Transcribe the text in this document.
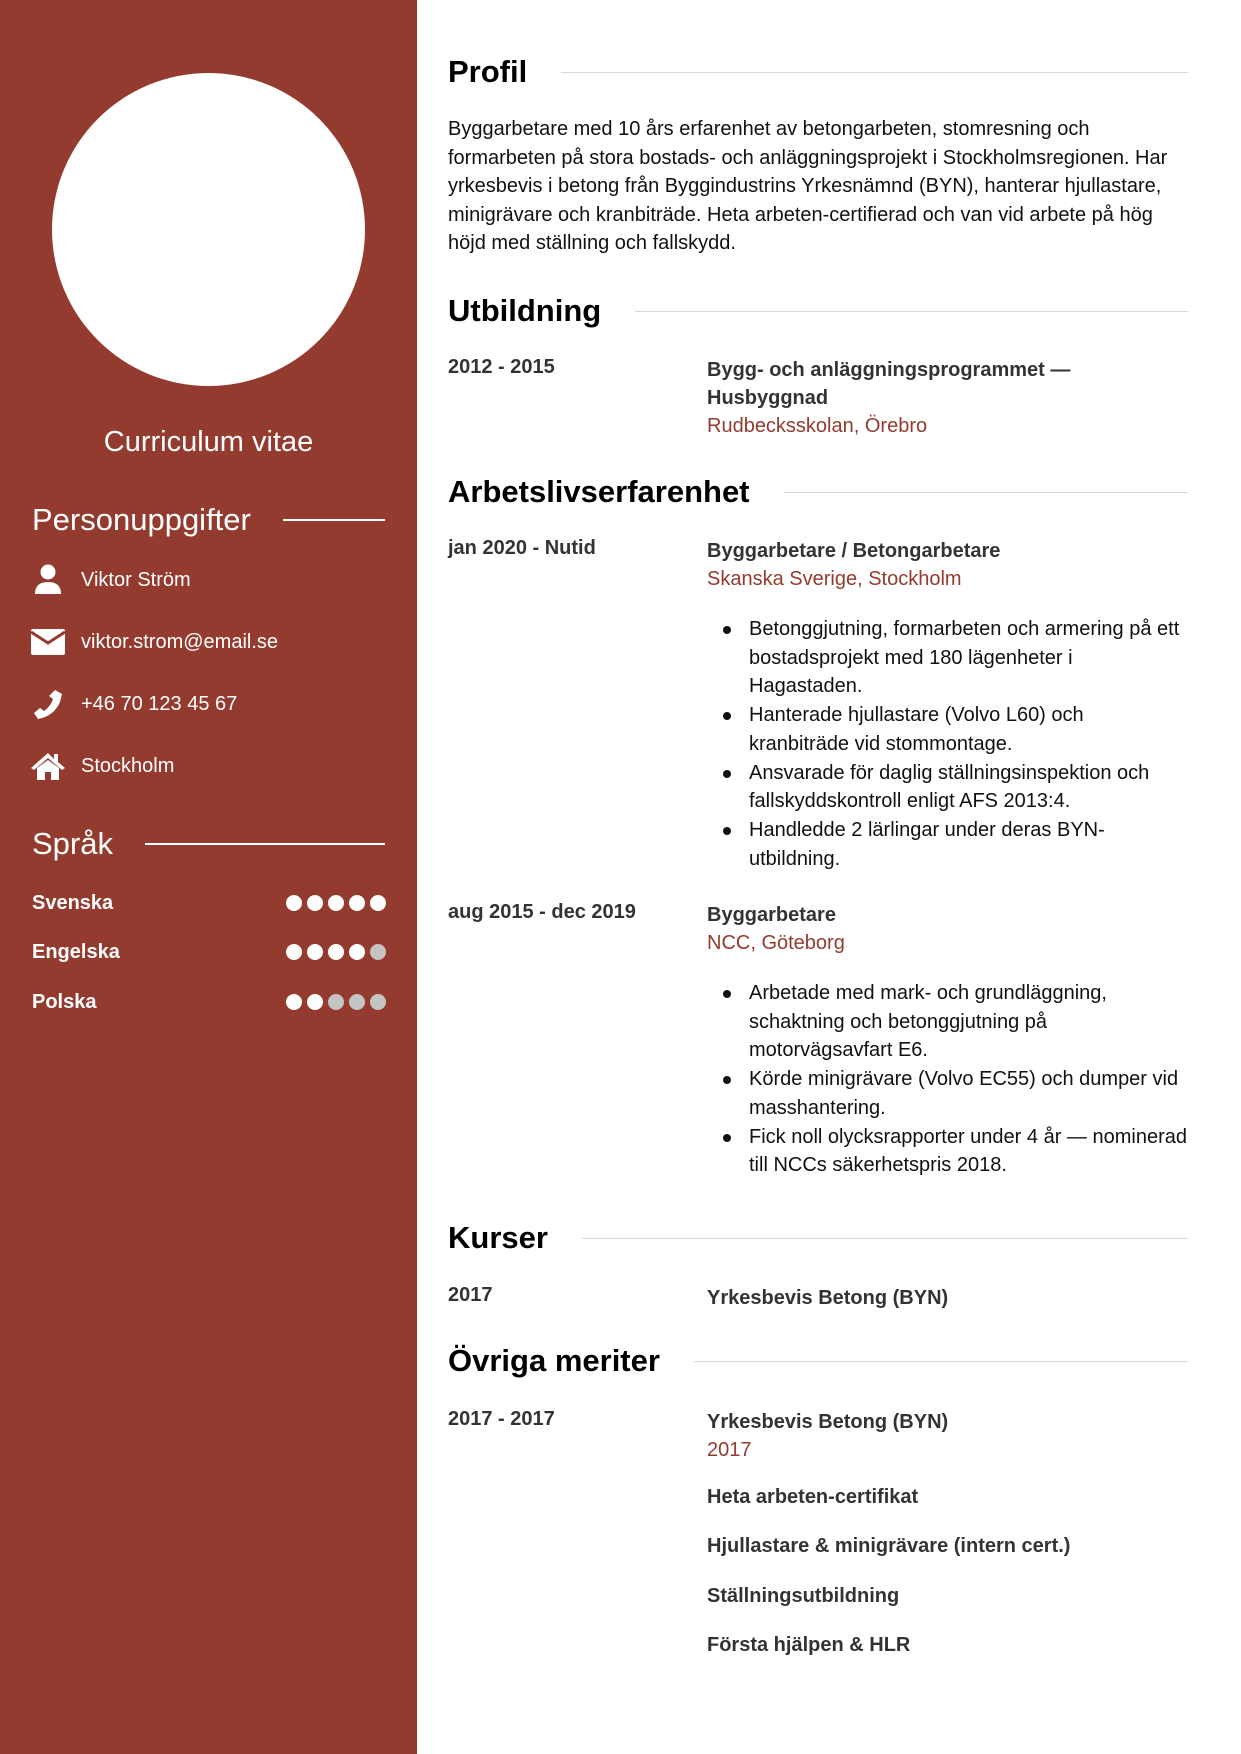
Curriculum vitae
Personuppgifter
Viktor Ström
viktor.strom@email.se
+46 70 123 45 67
Stockholm
Språk
Svenska
Engelska
Polska
Profil

Byggarbetare med 10 års erfarenhet av betongarbeten, stomresning och formarbeten på stora bostads- och anläggningsprojekt i Stockholmsregionen. Har yrkesbevis i betong från Byggindustrins Yrkesnämnd (BYN), hanterar hjullastare, minigrävare och kranbiträde. Heta arbeten-certifierad och van vid arbete på hög höjd med ställning och fallskydd.

Utbildning
2012 - 2015	Bygg- och anläggningsprogrammet — Husbyggnad
Rudbecksskolan, Örebro
Arbetslivserfarenhet
jan 2020 - Nutid	Byggarbetare / Betongarbetare
Skanska Sverige, Stockholm
Betonggjutning, formarbeten och armering på ett bostadsprojekt med 180 lägenheter i Hagastaden.
Hanterade hjullastare (Volvo L60) och kranbiträde vid stommontage.
Ansvarade för daglig ställningsinspektion och fallskyddskontroll enligt AFS 2013:4.
Handledde 2 lärlingar under deras BYN-utbildning.
aug 2015 - dec 2019	Byggarbetare
NCC, Göteborg
Arbetade med mark- och grundläggning, schaktning och betonggjutning på motorvägsavfart E6.
Körde minigrävare (Volvo EC55) och dumper vid masshantering.
Fick noll olycksrapporter under 4 år — nominerad till NCCs säkerhetspris 2018.
Kurser
2017	Yrkesbevis Betong (BYN)
Övriga meriter
2017 - 2017	Yrkesbevis Betong (BYN)
2017
Heta arbeten-certifikat
Hjullastare & minigrävare (intern cert.)
Ställningsutbildning
Första hjälpen & HLR
